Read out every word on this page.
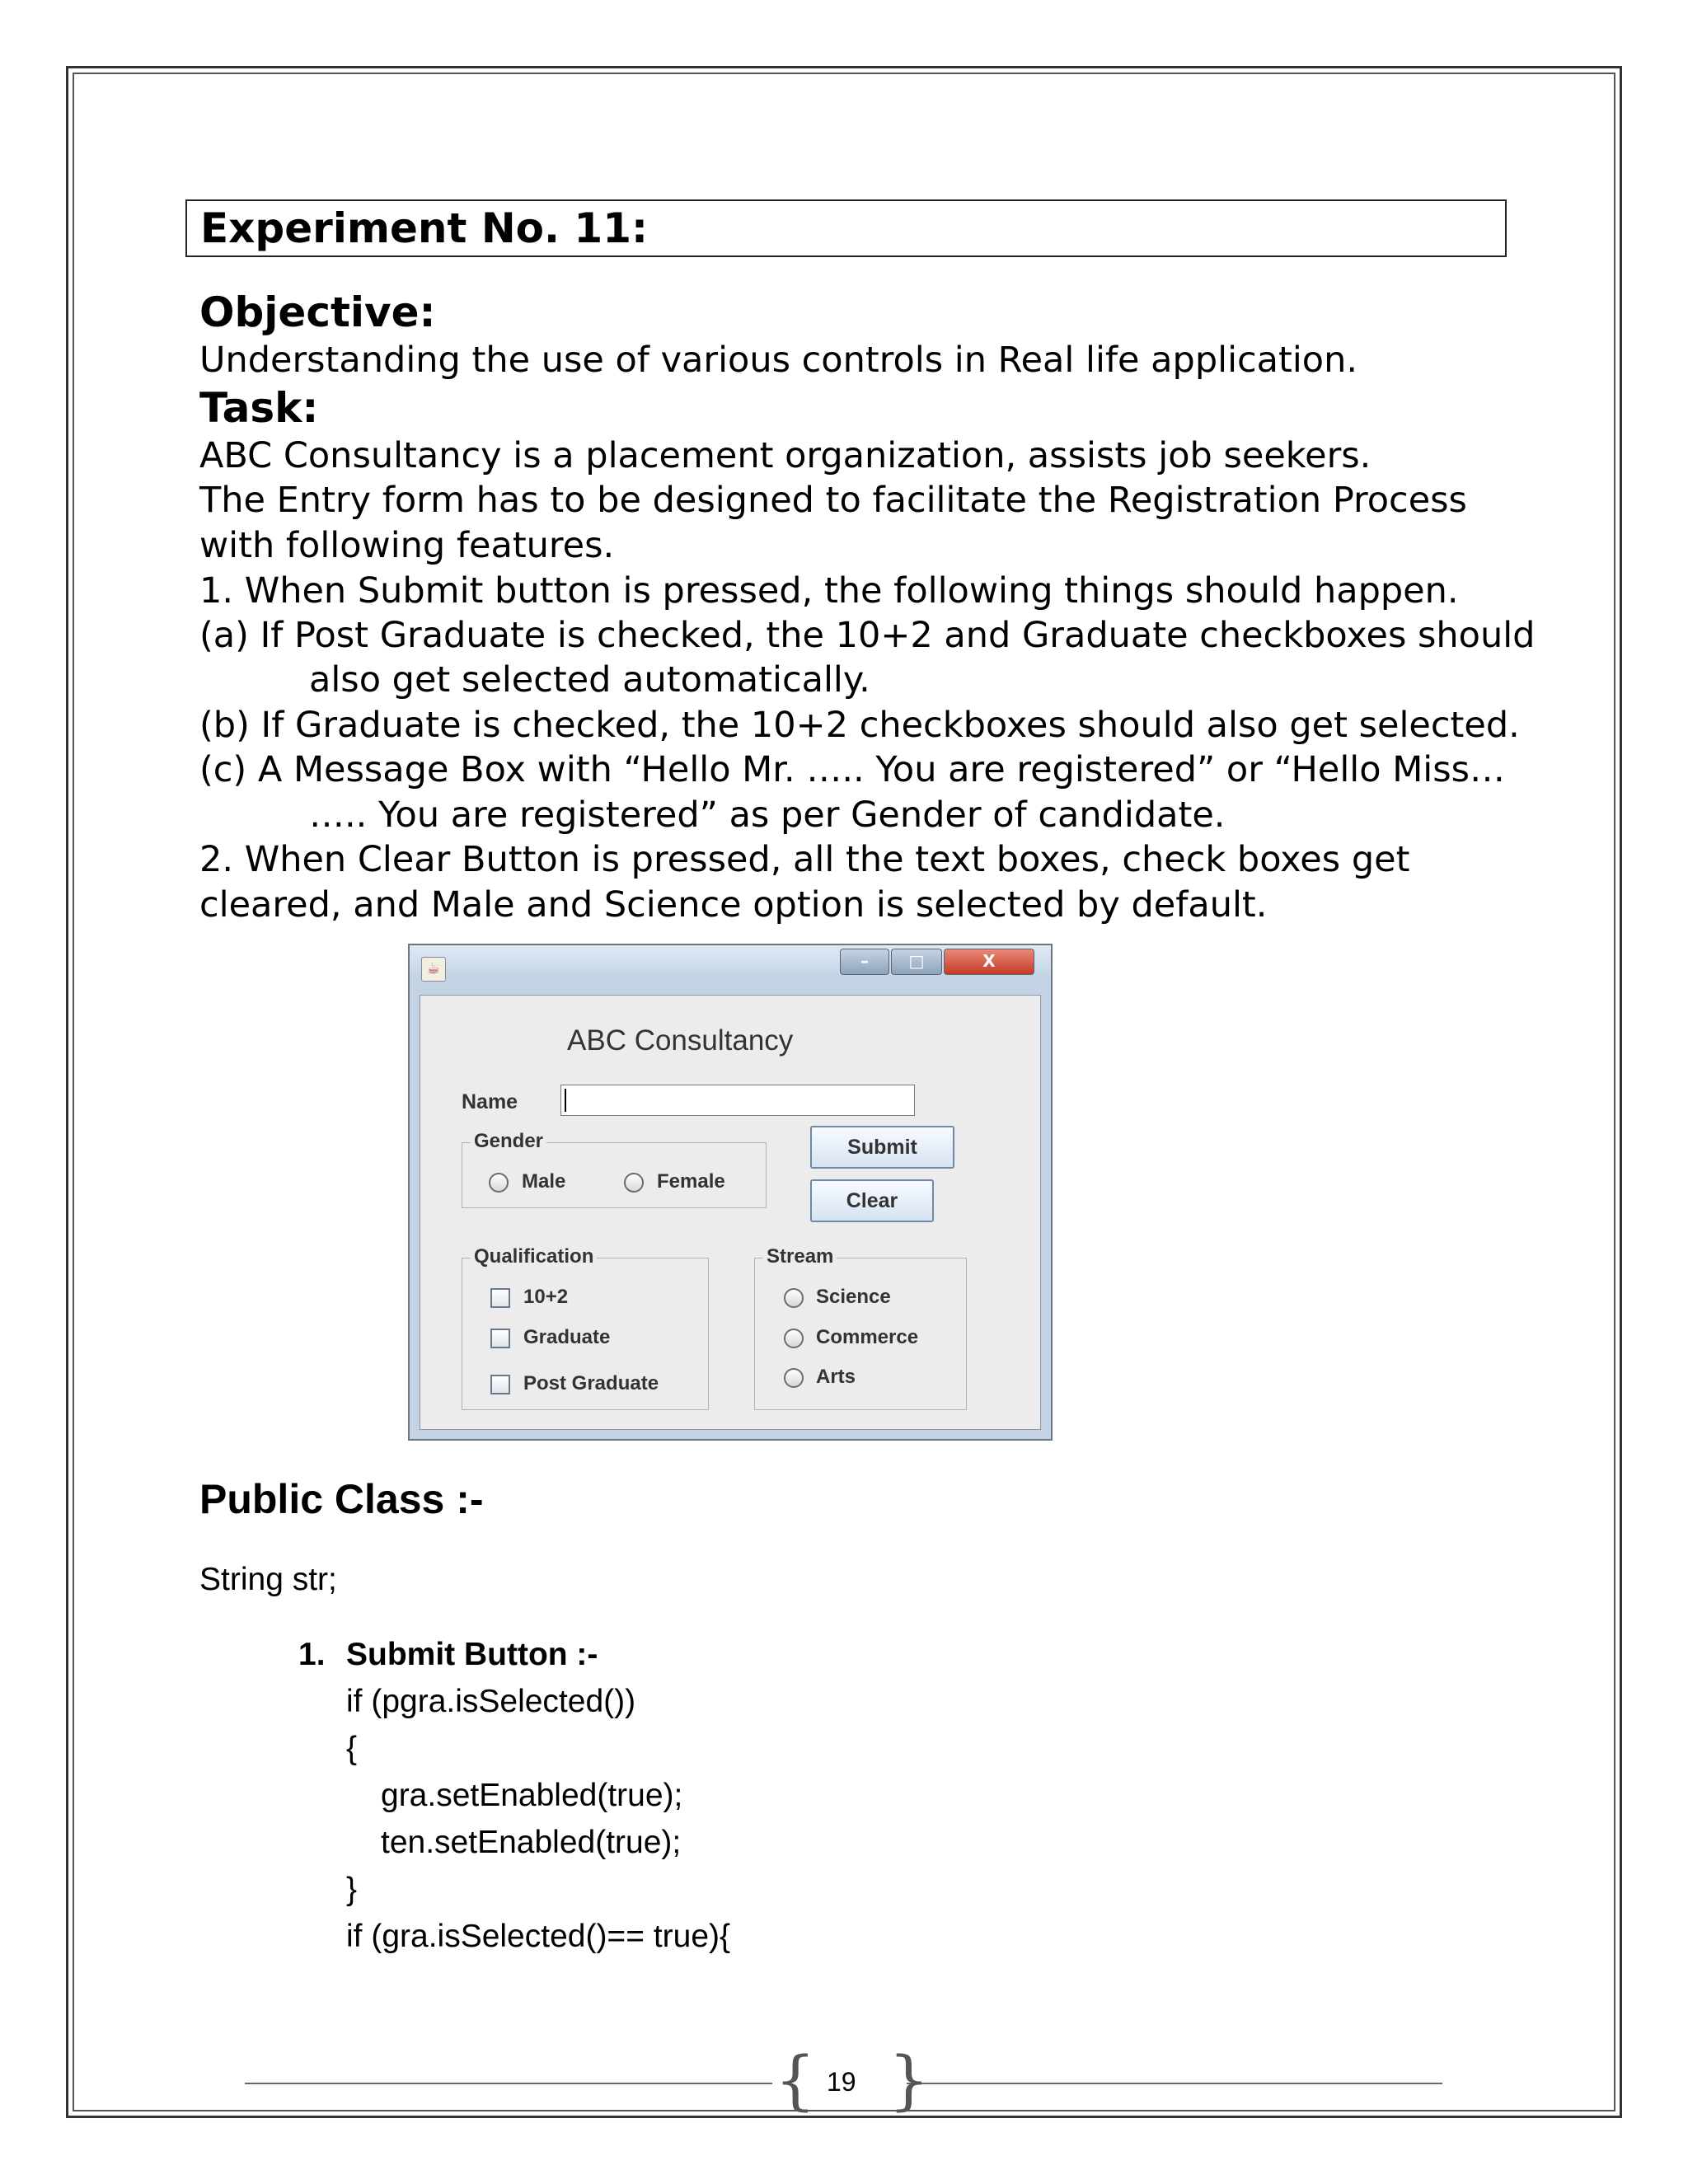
Experiment No. 11:
Objective:
Understanding the use of various controls in Real life application.
Task:
ABC Consultancy is a placement organization, assists job seekers.
The Entry form has to be designed to facilitate the Registration Process
with following features.
1. When Submit button is pressed, the following things should happen.
(a) If Post Graduate is checked, the 10+2 and Graduate checkboxes should
also get selected automatically.
(b) If Graduate is checked, the 10+2 checkboxes should also get selected.
(c) A Message Box with “Hello Mr. ….. You are registered” or “Hello Miss…
….. You are registered” as per Gender of candidate.
2. When Clear Button is pressed, all the text boxes, check boxes get
cleared, and Male and Science option is selected by default.
☕	–	□	X
ABC Consultancy
Name
Gender
Male	Female
Submit
Clear
Qualification
10+2
Graduate
Post Graduate
Stream
Science
Commerce
Arts
Public Class :-
String str;
1. Submit Button :-
if (pgra.isSelected())
{
gra.setEnabled(true);
ten.setEnabled(true);
}
if (gra.isSelected()== true){
{ }
19
